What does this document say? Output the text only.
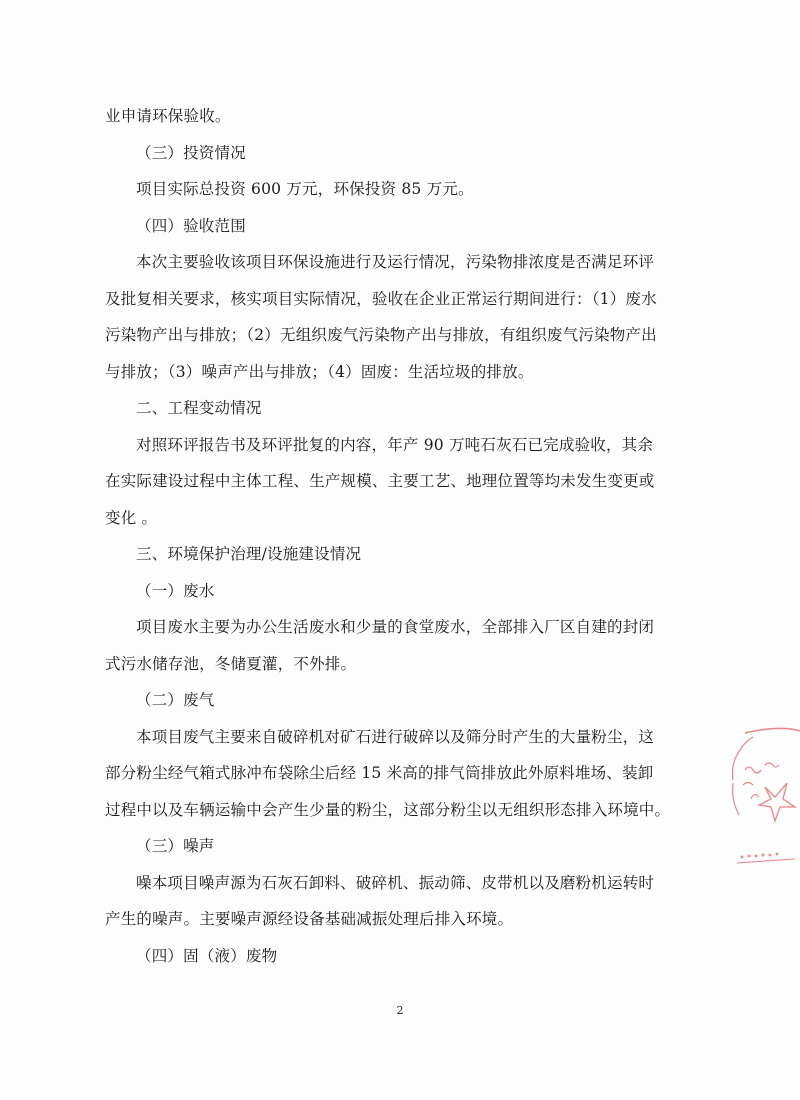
业申请环保验收。
（三）投资情况
项目实际总投资 600 万元，环保投资 85 万元。
（四）验收范围
本次主要验收该项目环保设施进行及运行情况，污染物排浓度是否满足环评
及批复相关要求，核实项目实际情况，验收在企业正常运行期间进行：（1）废水
污染物产出与排放；（2）无组织废气污染物产出与排放，有组织废气污染物产出
与排放；（3）噪声产出与排放；（4）固废：生活垃圾的排放。
二、工程变动情况
对照环评报告书及环评批复的内容，年产 90 万吨石灰石已完成验收，其余
在实际建设过程中主体工程、生产规模、主要工艺、地理位置等均未发生变更或
变化 。
三、环境保护治理/设施建设情况
（一）废水
项目废水主要为办公生活废水和少量的食堂废水，全部排入厂区自建的封闭
式污水储存池，冬储夏灌，不外排。
（二）废气
本项目废气主要来自破碎机对矿石进行破碎以及筛分时产生的大量粉尘，这
部分粉尘经气箱式脉冲布袋除尘后经 15 米高的排气筒排放此外原料堆场、装卸
过程中以及车辆运输中会产生少量的粉尘，这部分粉尘以无组织形态排入环境中。
（三）噪声
噪本项目噪声源为石灰石卸料、破碎机、振动筛、皮带机以及磨粉机运转时
产生的噪声。主要噪声源经设备基础减振处理后排入环境。
（四）固（液）废物
2
